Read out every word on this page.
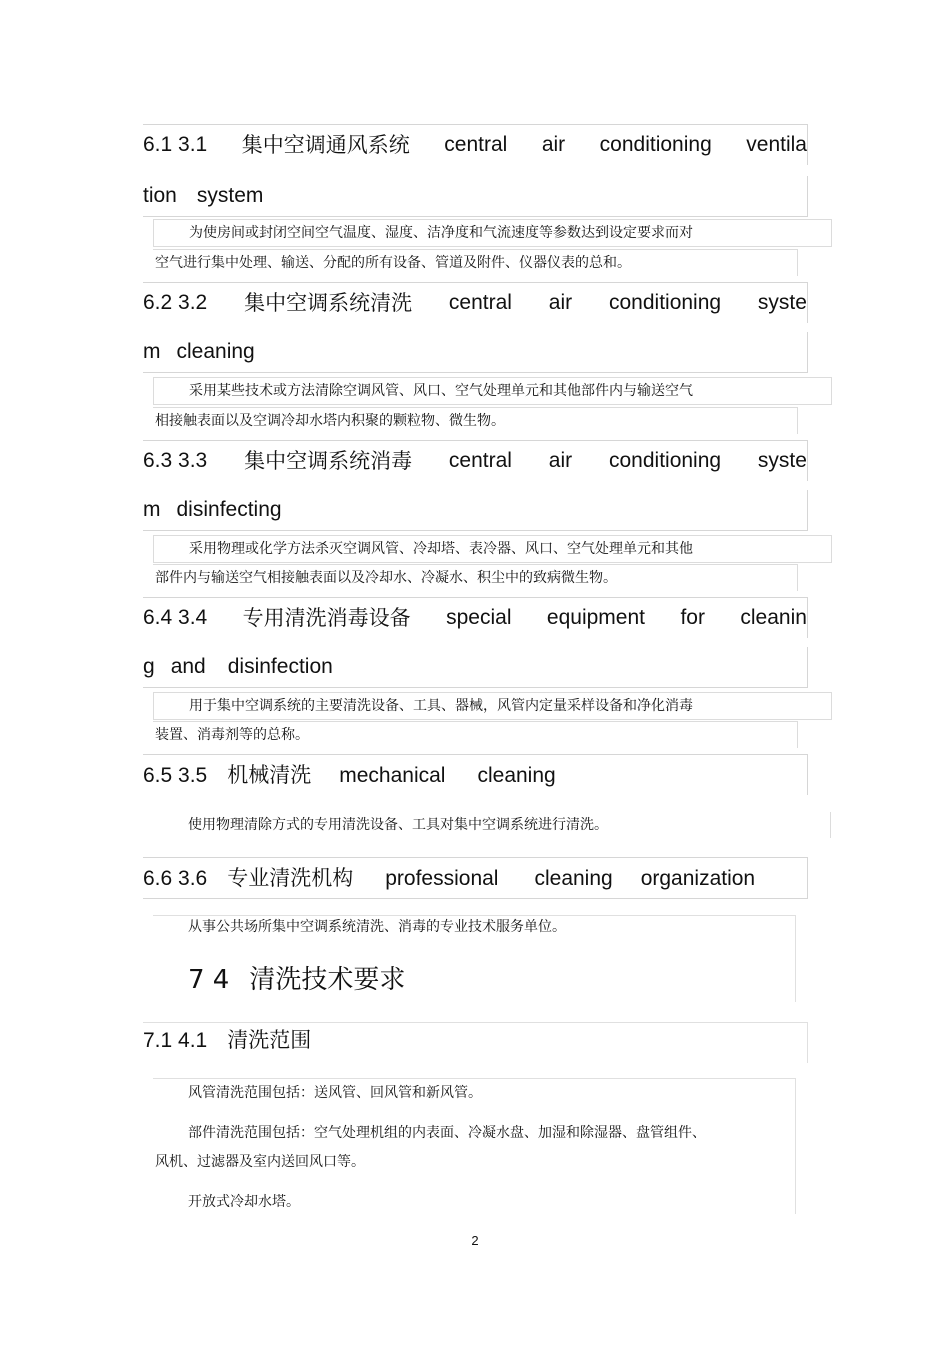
6.1 3.1 集中空调通风系统 central air conditioning ventila
tion system
为使房间或封闭空间空气温度、湿度、洁净度和气流速度等参数达到设定要求而对
空气进行集中处理、输送、分配的所有设备、管道及附件、仪器仪表的总和。
6.2 3.2 集中空调系统清洗 central air conditioning syste
m cleaning
采用某些技术或方法清除空调风管、风口、空气处理单元和其他部件内与输送空气
相接触表面以及空调冷却水塔内积聚的颗粒物、微生物。
6.3 3.3 集中空调系统消毒 central air conditioning syste
m disinfecting
采用物理或化学方法杀灭空调风管、冷却塔、表冷器、风口、空气处理单元和其他
部件内与输送空气相接触表面以及冷却水、冷凝水、积尘中的致病微生物。
6.4 3.4 专用清洗消毒设备 special equipment for cleanin
g and disinfection
用于集中空调系统的主要清洗设备、工具、器械，风管内定量采样设备和净化消毒
装置、消毒剂等的总称。
6.5 3.5 机械清洗 mechanical cleaning
使用物理清除方式的专用清洗设备、工具对集中空调系统进行清洗。
6.6 3.6 专业清洗机构 professional cleaning organization
从事公共场所集中空调系统清洗、消毒的专业技术服务单位。
7 4 清洗技术要求
7.1 4.1 清洗范围
风管清洗范围包括：送风管、回风管和新风管。
部件清洗范围包括：空气处理机组的内表面、冷凝水盘、加湿和除湿器、盘管组件、
风机、过滤器及室内送回风口等。
开放式冷却水塔。
2
